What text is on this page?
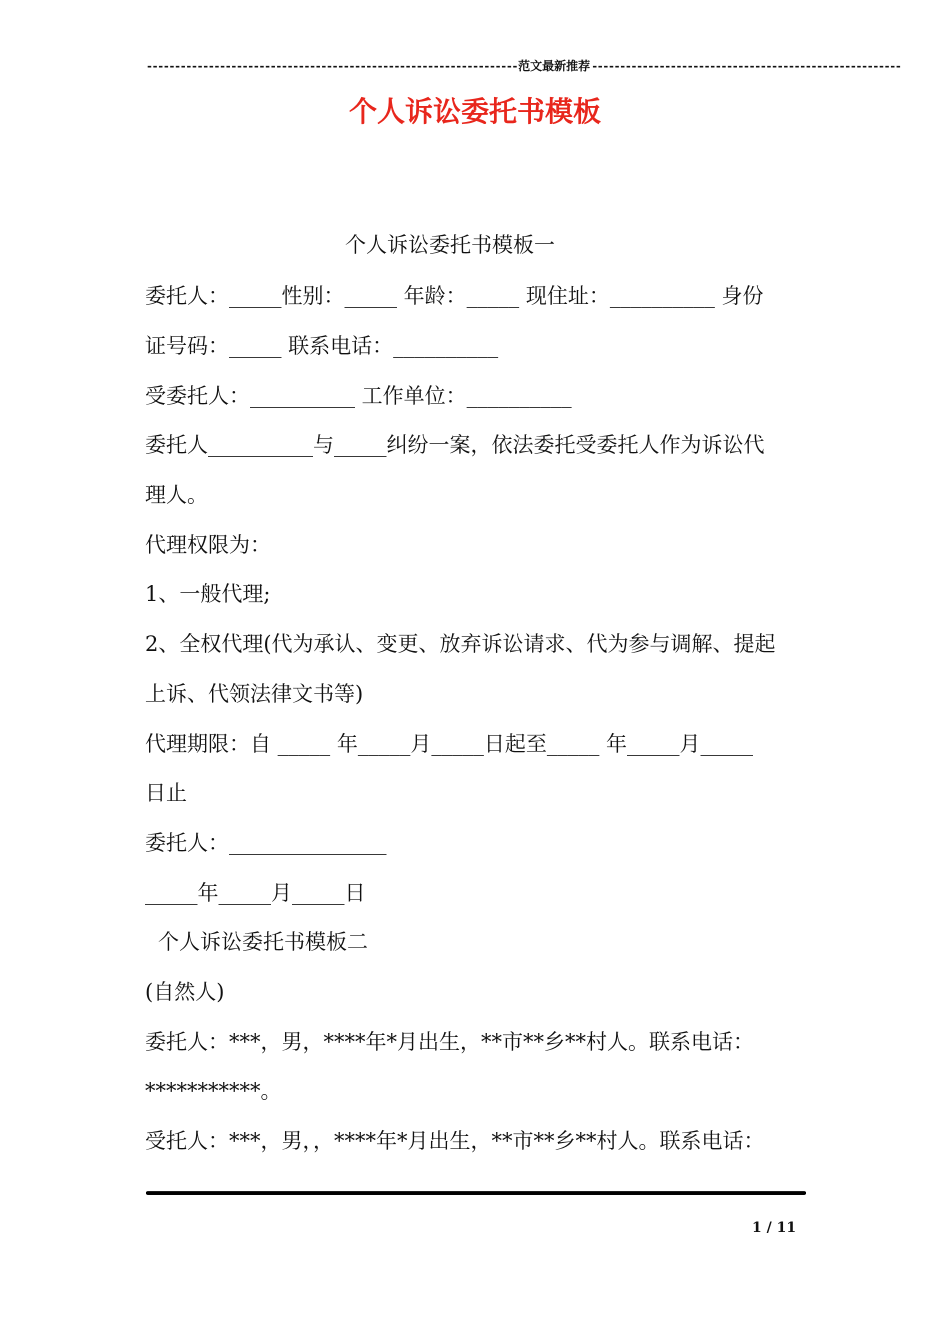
------------------------------------------------------------------范文最新推荐-------------------------------------------------------
个人诉讼委托书模板
个人诉讼委托书模板一
委托人：_____性别：_____ 年龄：_____ 现住址：__________ 身份
证号码：_____ 联系电话：__________
受委托人：__________ 工作单位：__________
委托人__________与_____纠纷一案，依法委托受委托人作为诉讼代
理人。
代理权限为：
1、一般代理;
2、全权代理(代为承认、变更、放弃诉讼请求、代为参与调解、提起
上诉、代领法律文书等)
代理期限：自 _____ 年_____月_____日起至_____ 年_____月_____
日止
委托人：_______________
_____年_____月_____日
个人诉讼委托书模板二
(自然人)
委托人：***，男，****年*月出生，**市**乡**村人。联系电话：
***********。
受托人：***，男，，****年*月出生，**市**乡**村人。联系电话：
1 / 11
